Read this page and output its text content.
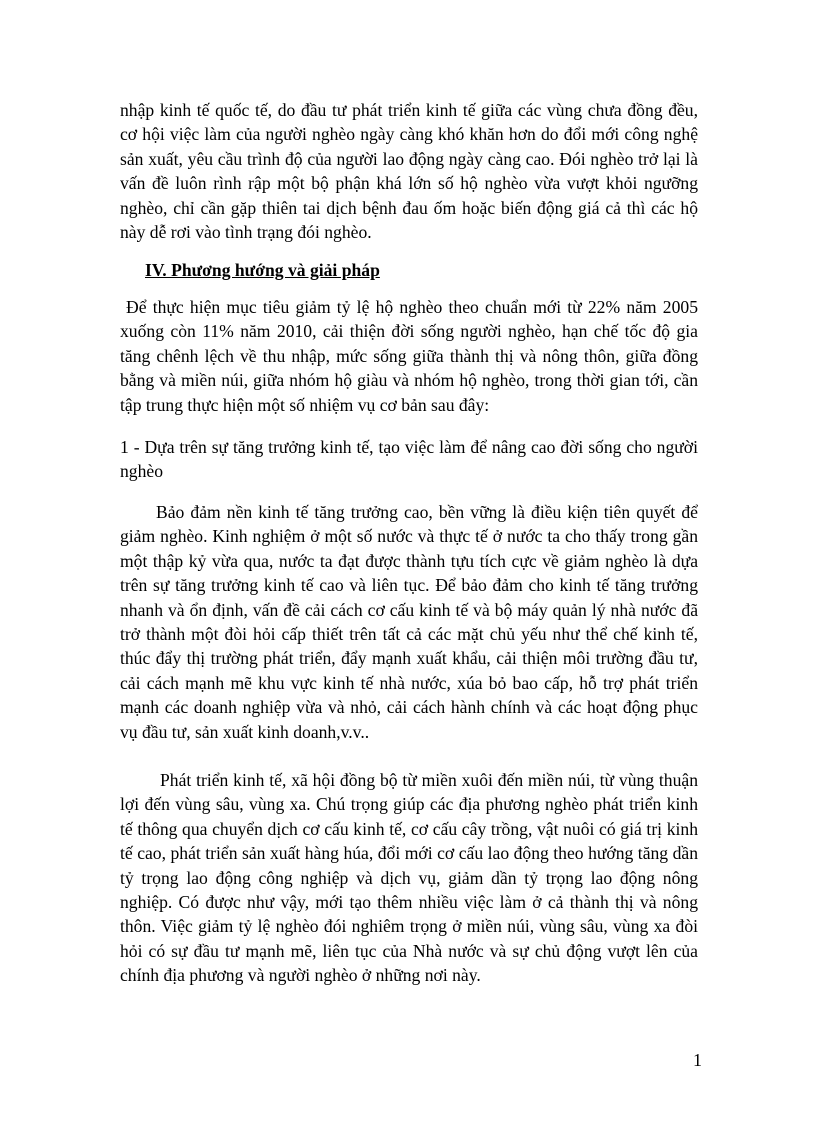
nhập kinh tế quốc tế, do đầu tư phát triển kinh tế giữa các vùng chưa đồng đều, cơ hội việc làm của người nghèo ngày càng khó khăn hơn do đổi mới công nghệ sản xuất, yêu cầu trình độ của người lao động ngày càng cao. Đói nghèo trở lại là vấn đề luôn rình rập một bộ phận khá lớn số hộ nghèo vừa vượt khỏi ngưỡng nghèo, chỉ cần gặp thiên tai dịch bệnh đau ốm hoặc biến động giá cả thì các hộ này dễ rơi vào tình trạng đói nghèo.

IV. Phương hướng và giải pháp

Để thực hiện mục tiêu giảm tỷ lệ hộ nghèo theo chuẩn mới từ 22% năm 2005 xuống còn 11% năm 2010, cải thiện đời sống người nghèo, hạn chế tốc độ gia tăng chênh lệch về thu nhập, mức sống giữa thành thị và nông thôn, giữa đồng bằng và miền núi, giữa nhóm hộ giàu và nhóm hộ nghèo, trong thời gian tới, cần tập trung thực hiện một số nhiệm vụ cơ bản sau đây:

1 - Dựa trên sự tăng trưởng kinh tế, tạo việc làm để nâng cao đời sống cho người nghèo

Bảo đảm nền kinh tế tăng trưởng cao, bền vững là điều kiện tiên quyết để giảm nghèo. Kinh nghiệm ở một số nước và thực tế ở nước ta cho thấy trong gần một thập kỷ vừa qua, nước ta đạt được thành tựu tích cực về giảm nghèo là dựa trên sự tăng trưởng kinh tế cao và liên tục. Để bảo đảm cho kinh tế tăng trưởng nhanh và ổn định, vấn đề cải cách cơ cấu kinh tế và bộ máy quản lý nhà nước đã trở thành một đòi hỏi cấp thiết trên tất cả các mặt chủ yếu như thể chế kinh tế, thúc đẩy thị trường phát triển, đẩy mạnh xuất khẩu, cải thiện môi trường đầu tư, cải cách mạnh mẽ khu vực kinh tế nhà nước, xúa bỏ bao cấp, hỗ trợ phát triển mạnh các doanh nghiệp vừa và nhỏ, cải cách hành chính và các hoạt động phục vụ đầu tư, sản xuất kinh doanh,v.v..

Phát triển kinh tế, xã hội đồng bộ từ miền xuôi đến miền núi, từ vùng thuận lợi đến vùng sâu, vùng xa. Chú trọng giúp các địa phương nghèo phát triển kinh tế thông qua chuyển dịch cơ cấu kinh tế, cơ cấu cây trồng, vật nuôi có giá trị kinh tế cao, phát triển sản xuất hàng húa, đổi mới cơ cấu lao động theo hướng tăng dần tỷ trọng lao động công nghiệp và dịch vụ, giảm dần tỷ trọng lao động nông nghiệp. Có được như vậy, mới tạo thêm nhiều việc làm ở cả thành thị và nông thôn. Việc giảm tỷ lệ nghèo đói nghiêm trọng ở miền núi, vùng sâu, vùng xa đòi hỏi có sự đầu tư mạnh mẽ, liên tục của Nhà nước và sự chủ động vượt lên của chính địa phương và người nghèo ở những nơi này.

1
